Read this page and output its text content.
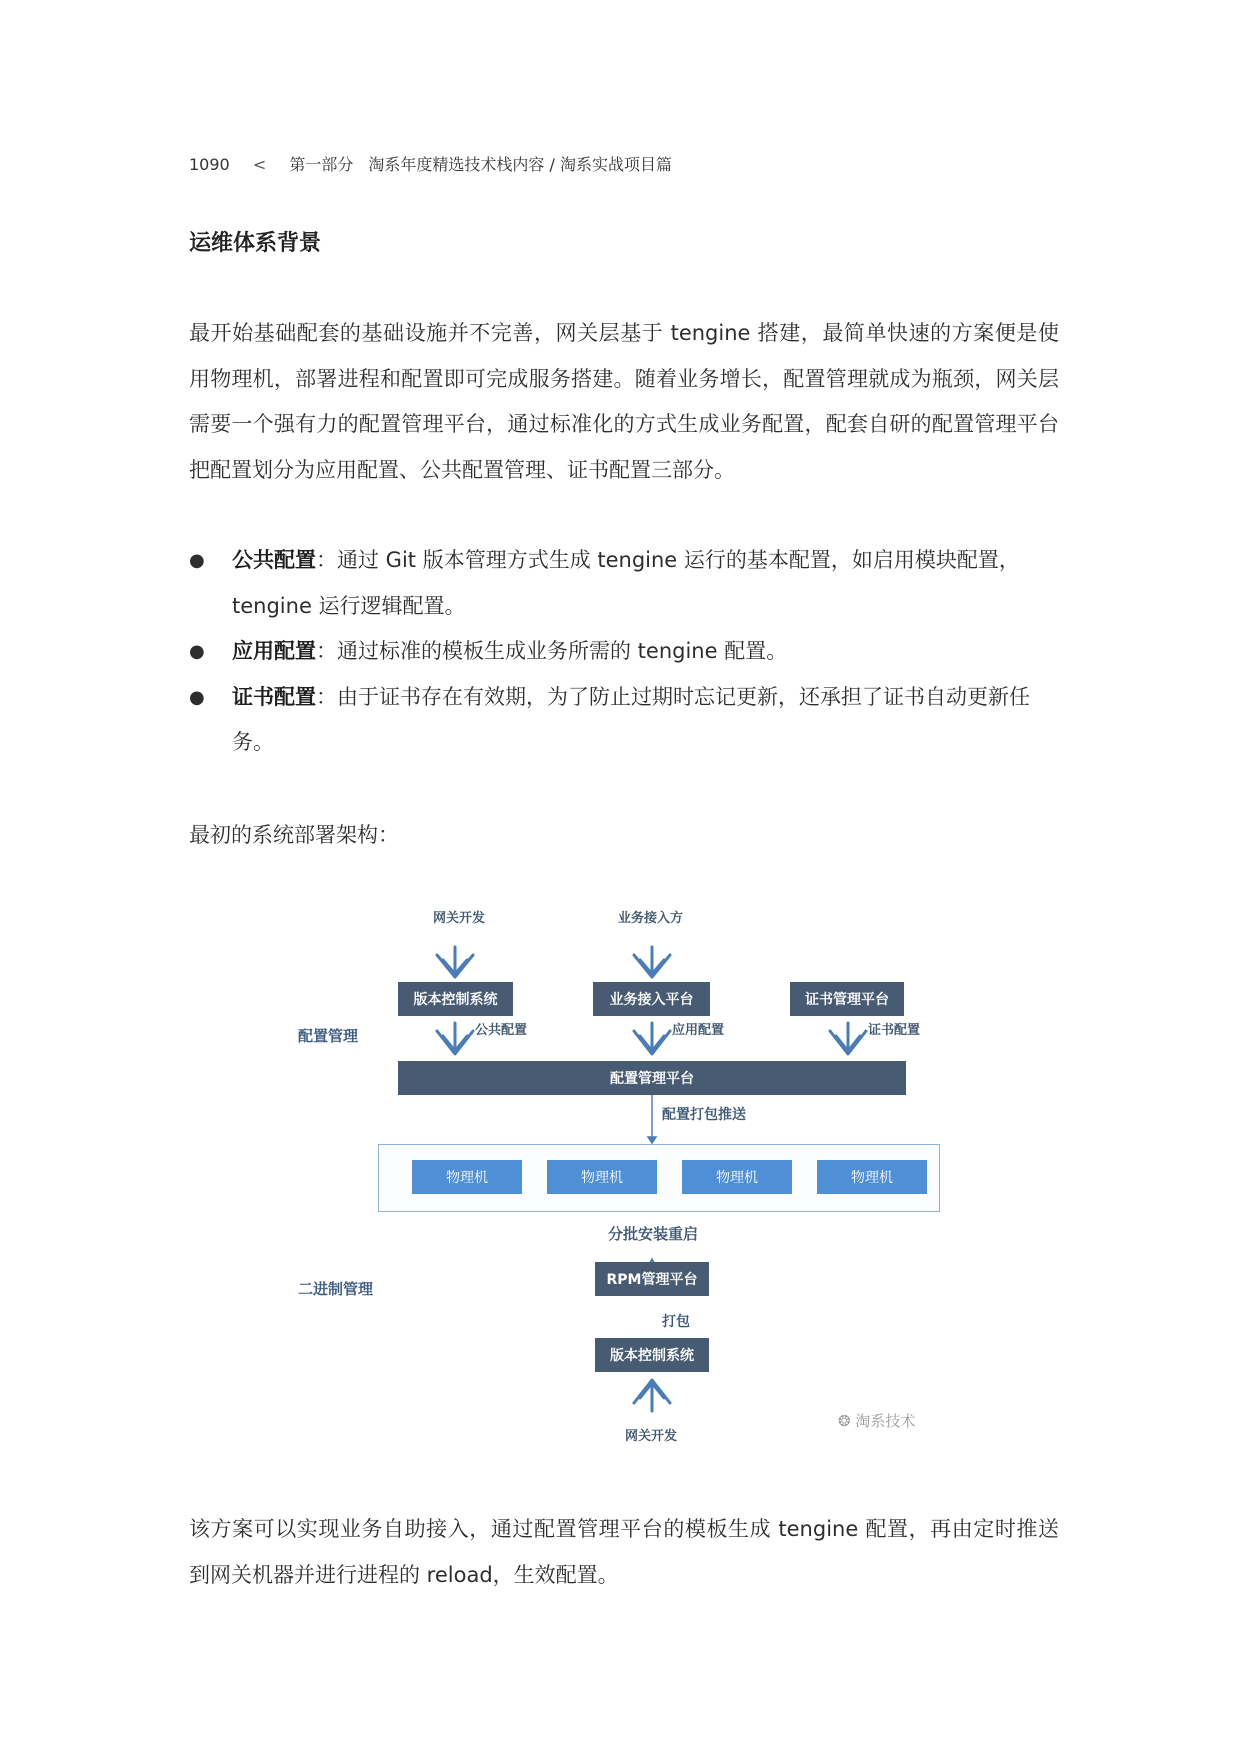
1090 < 第一部分 淘系年度精选技术栈内容 / 淘系实战项目篇
运维体系背景

最开始基础配套的基础设施并不完善，网关层基于 tengine 搭建，最简单快速的方案便是使用物理机，部署进程和配置即可完成服务搭建。随着业务增长，配置管理就成为瓶颈，网关层需要一个强有力的配置管理平台，通过标准化的方式生成业务配置，配套自研的配置管理平台把配置划分为应用配置、公共配置管理、证书配置三部分。

● 公共配置：通过 Git 版本管理方式生成 tengine 运行的基本配置，如启用模块配置，tengine 运行逻辑配置。
● 应用配置：通过标准的模板生成业务所需的 tengine 配置。
● 证书配置：由于证书存在有效期，为了防止过期时忘记更新，还承担了证书自动更新任务。

最初的系统部署架构：

该方案可以实现业务自助接入，通过配置管理平台的模板生成 tengine 配置，再由定时推送到网关机器并进行进程的 reload，生效配置。

网关开发	业务接入方
版本控制系统	业务接入平台	证书管理平台
公共配置	应用配置	证书配置
配置管理
配置管理平台
配置打包推送
物理机	物理机	物理机	物理机
分批安装重启
二进制管理	RPM管理平台
打包
版本控制系统
网关开发
❂ 淘系技术
